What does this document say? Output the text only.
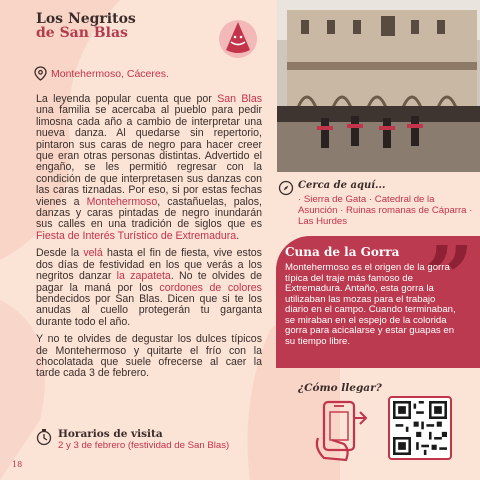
Los Negritos
de San Blas
Montehermoso, Cáceres.

La leyenda popular cuenta que por San Blas una familia se acercaba al pueblo para pedir limosna cada año a cambio de interpretar una nueva danza. Al quedarse sin repertorio, pintaron sus caras de negro para hacer creer que eran otras personas distintas. Advertido el engaño, se les permitió regresar con la condición de que interpretasen sus danzas con las caras tiznadas. Por eso, si por estas fechas vienes a Montehermoso, castañuelas, palos, danzas y caras pintadas de negro inundarán sus calles en una tradición de siglos que es Fiesta de Interés Turístico de Extremadura.

Desde la velá hasta el fin de fiesta, vive estos dos días de festividad en los que verás a los negritos danzar la zapateta. No te olvides de pagar la maná por los cordones de colores bendecidos por San Blas. Dicen que si te los anudas al cuello protegerán tu garganta durante todo el año.

Y no te olvides de degustar los dulces típicos de Montehermoso y quitarte el frío con la chocolatada que suele ofrecerse al caer la tarde cada 3 de febrero.

Cerca de aquí...
· Sierra de Gata · Catedral de la Asunción · Ruinas romanas de Cáparra · Las Hurdes
”
Cuna de la Gorra
Montehermoso es el origen de la gorra típica del traje más famoso de Extremadura. Antaño, esta gorra la utilizaban las mozas para el trabajo diario en el campo. Cuando terminaban, se miraban en el espejo de la colorida gorra para acicalarse y estar guapas en su tiempo libre.
¿Cómo llegar?
Horarios de visita
2 y 3 de febrero (festividad de San Blas)
18
